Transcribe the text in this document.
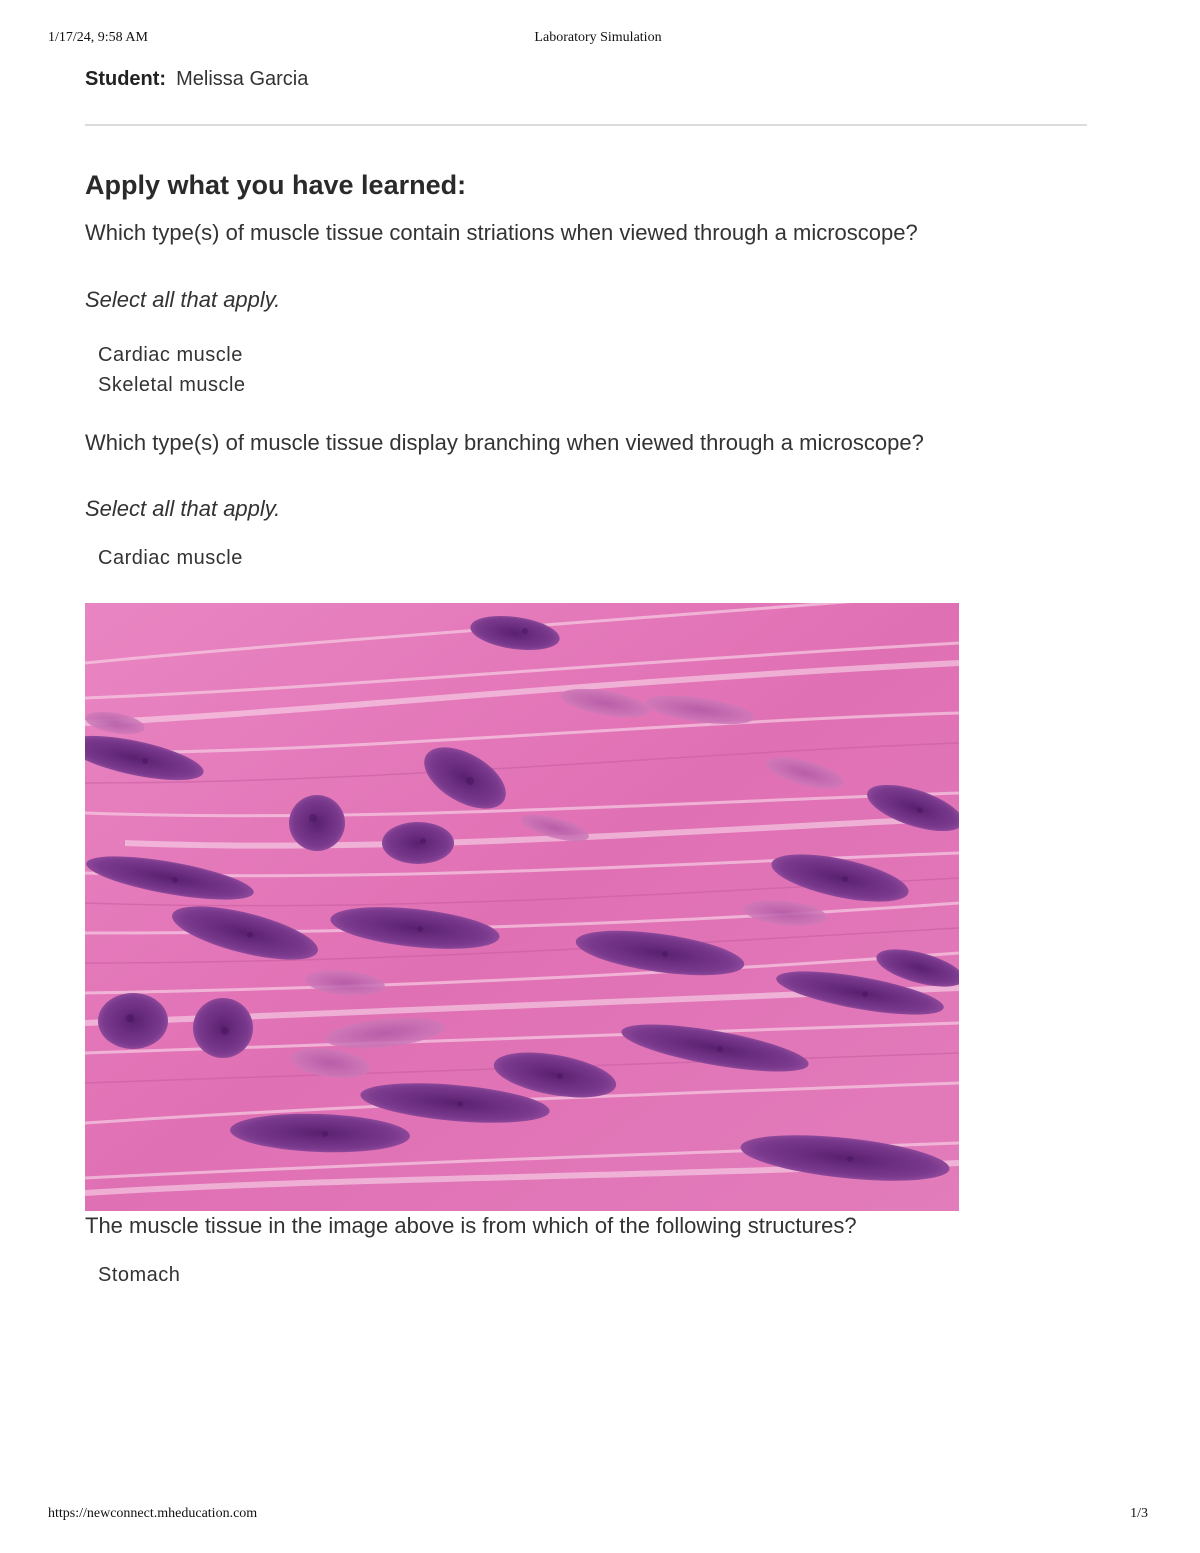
1/17/24, 9:58 AM	Laboratory Simulation
Student: Melissa Garcia
Apply what you have learned:

Which type(s) of muscle tissue contain striations when viewed through a microscope?

Select all that apply.

Cardiac muscle
Skeletal muscle

Which type(s) of muscle tissue display branching when viewed through a microscope?

Select all that apply.

Cardiac muscle

The muscle tissue in the image above is from which of the following structures?

Stomach
https://newconnect.mheducation.com	1/3
